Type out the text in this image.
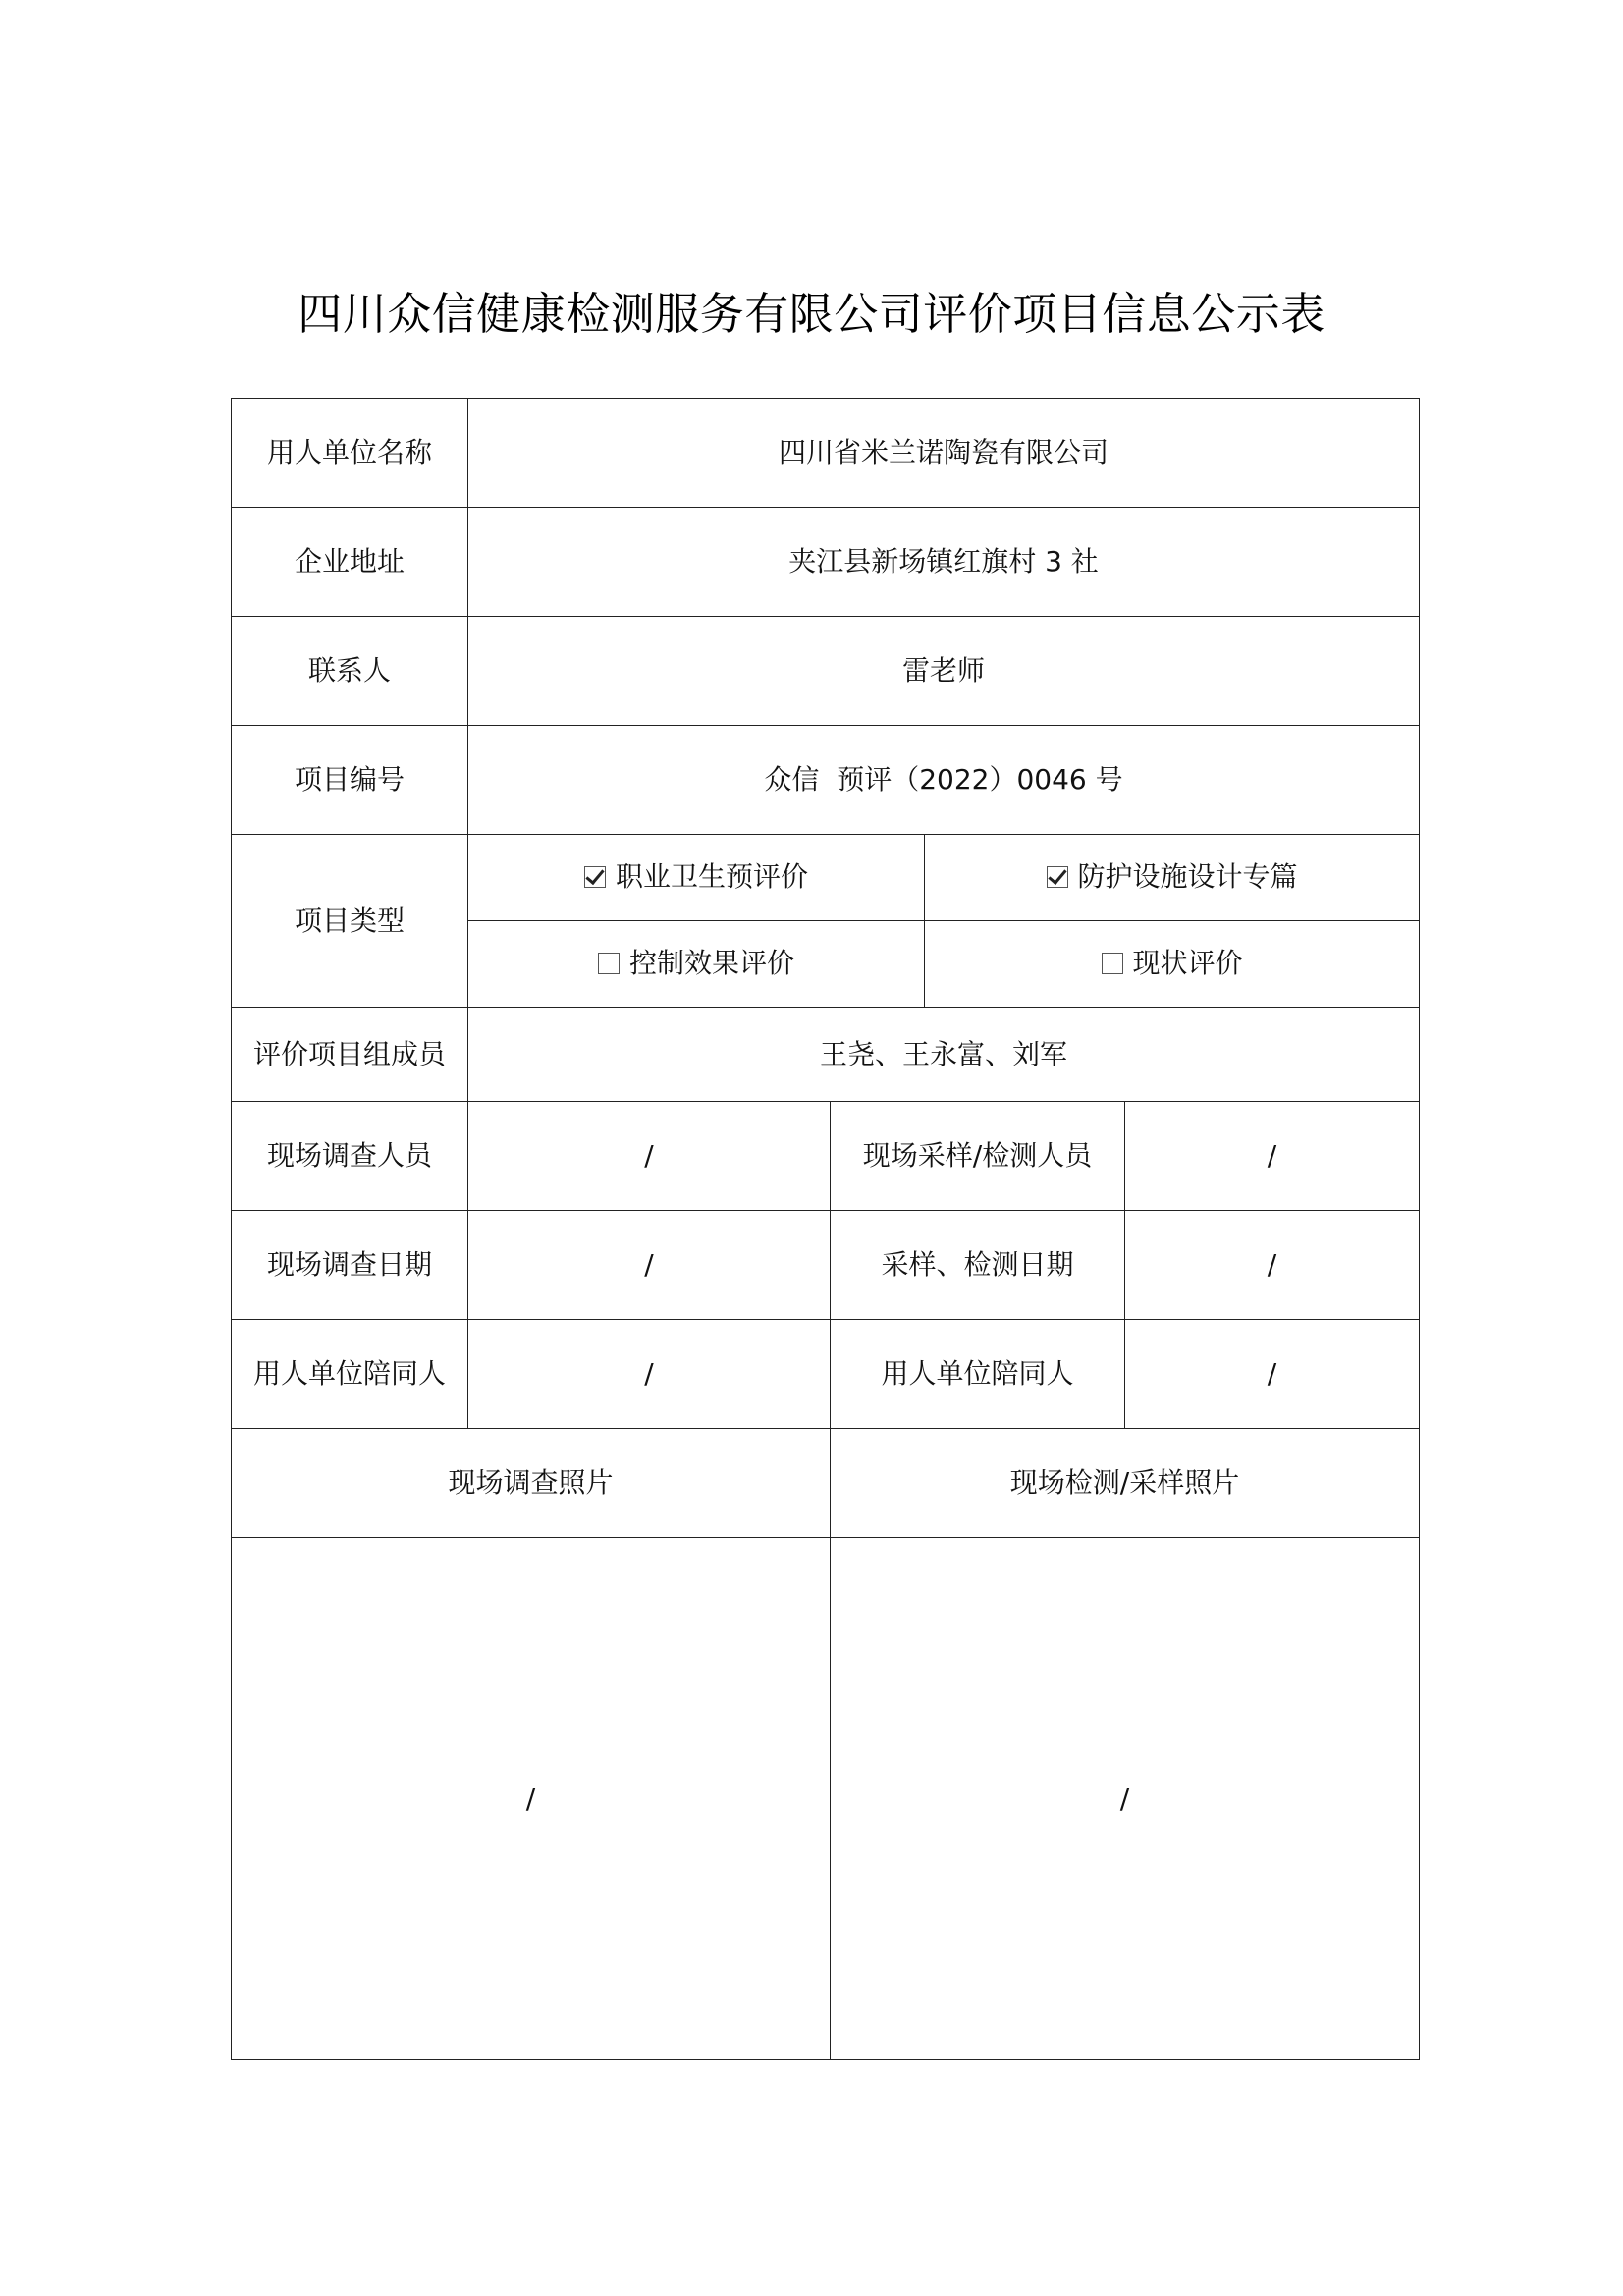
四川众信健康检测服务有限公司评价项目信息公示表
用人单位名称	四川省米兰诺陶瓷有限公司			
企业地址	夹江县新场镇红旗村 3 社			
联系人	雷老师			
项目编号	众信  预评（2022）0046 号			
项目类型	职业卫生预评价		防护设施设计专篇	

	控制效果评价		现状评价	

评价项目组成员	王尧、王永富、刘军			
现场调查人员	/	现场采样/检测人员		/
现场调查日期	/	采样、检测日期		/
用人单位陪同人	/	用人单位陪同人		/
现场调查照片		现场检测/采样照片		
/		/		
